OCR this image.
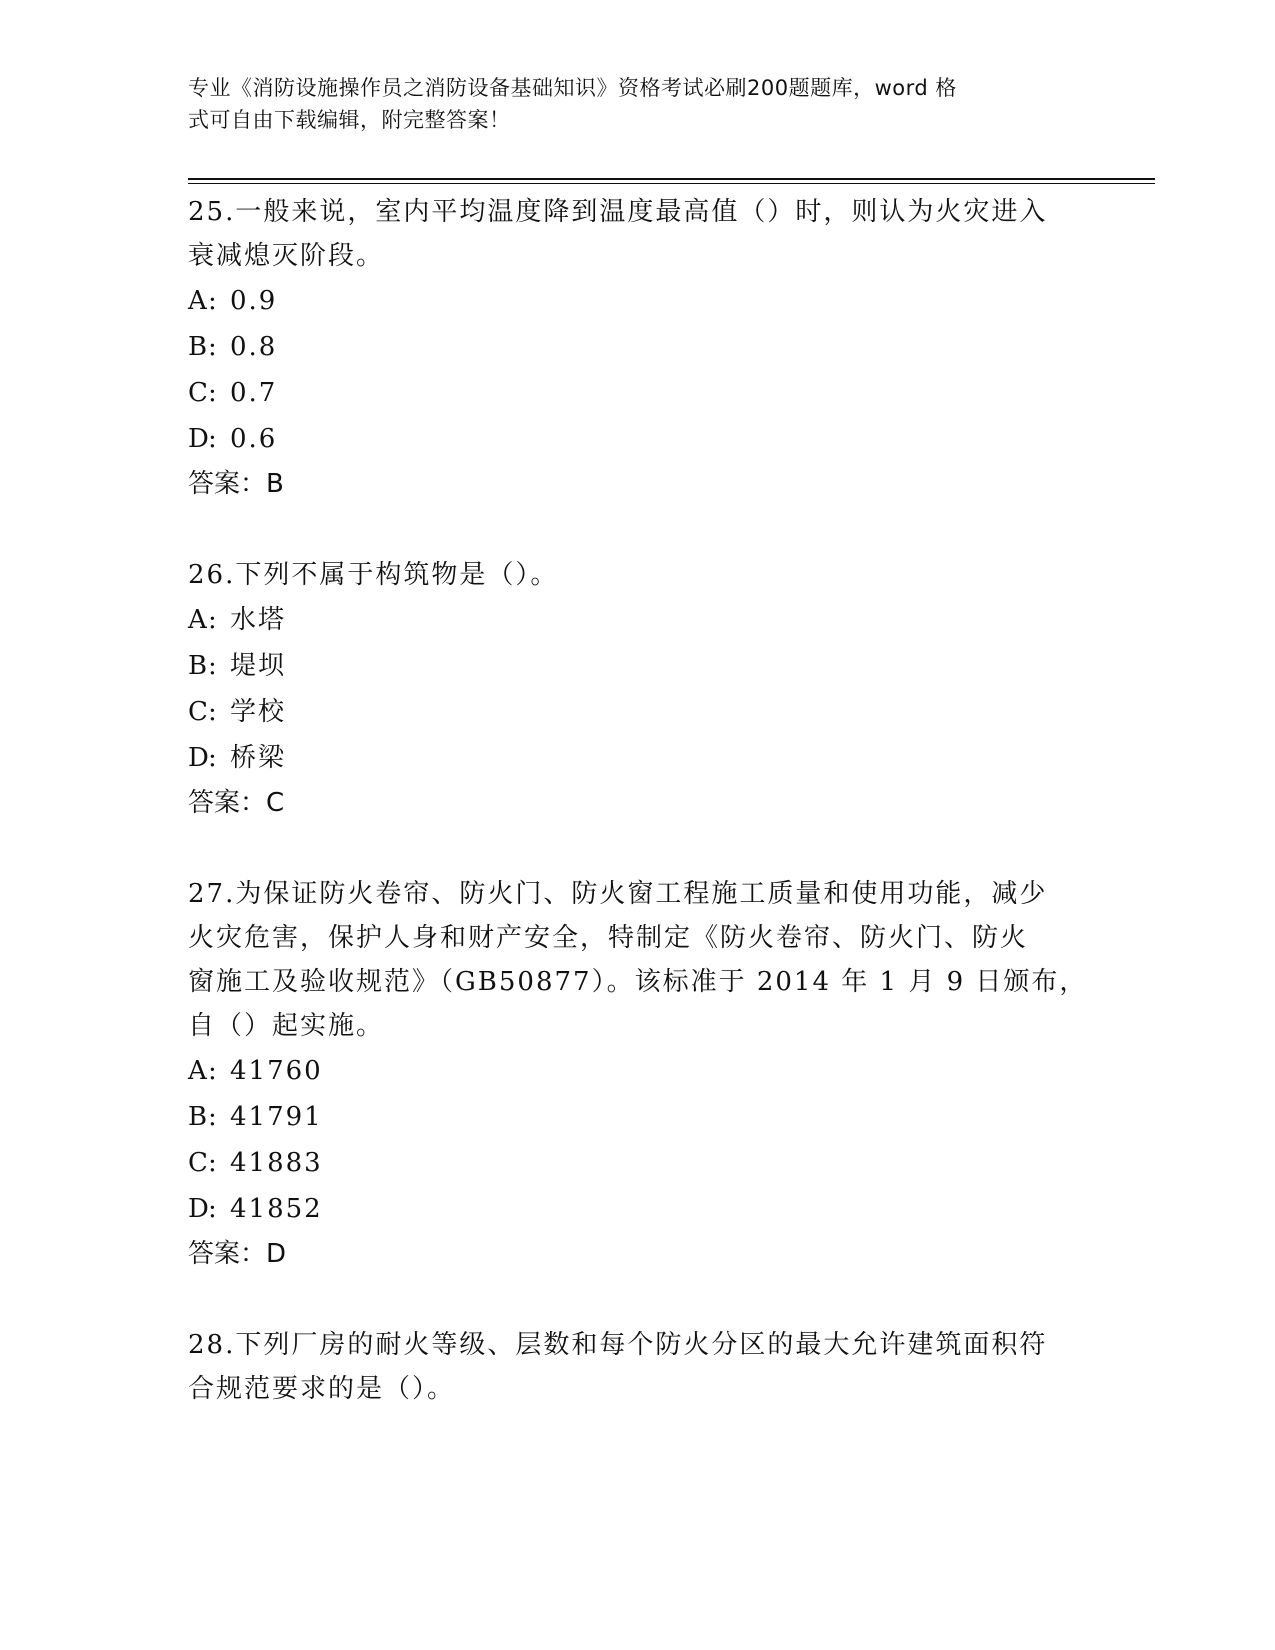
专业《消防设施操作员之消防设备基础知识》资格考试必刷200题题库，word 格
式可自由下载编辑，附完整答案！

25.一般来说，室内平均温度降到温度最高值（）时，则认为火灾进入

衰减熄灭阶段。

A : 0.9

B
: 0.8

C
: 0.7

D
: 0.6

答案：B

26.下列不属于构筑物是（）。

A : 水塔

B
: 堤坝

C
: 学校

D
: 桥梁

答案：C

27.为保证防火卷帘、防火门、防火窗工程施工质量和使用功能，减少

火灾危害，保护人身和财产安全，特制定《防火卷帘、防火门、防火

窗施工及验收规范》（GB50877）。该标准于 2014 年 1 月 9 日颁布，

自（）起实施。

A : 41760

B
: 41791

C
: 41883

D
: 41852

答案：D

28.下列厂房的耐火等级、层数和每个防火分区的最大允许建筑面积符

合规范要求的是（）。
